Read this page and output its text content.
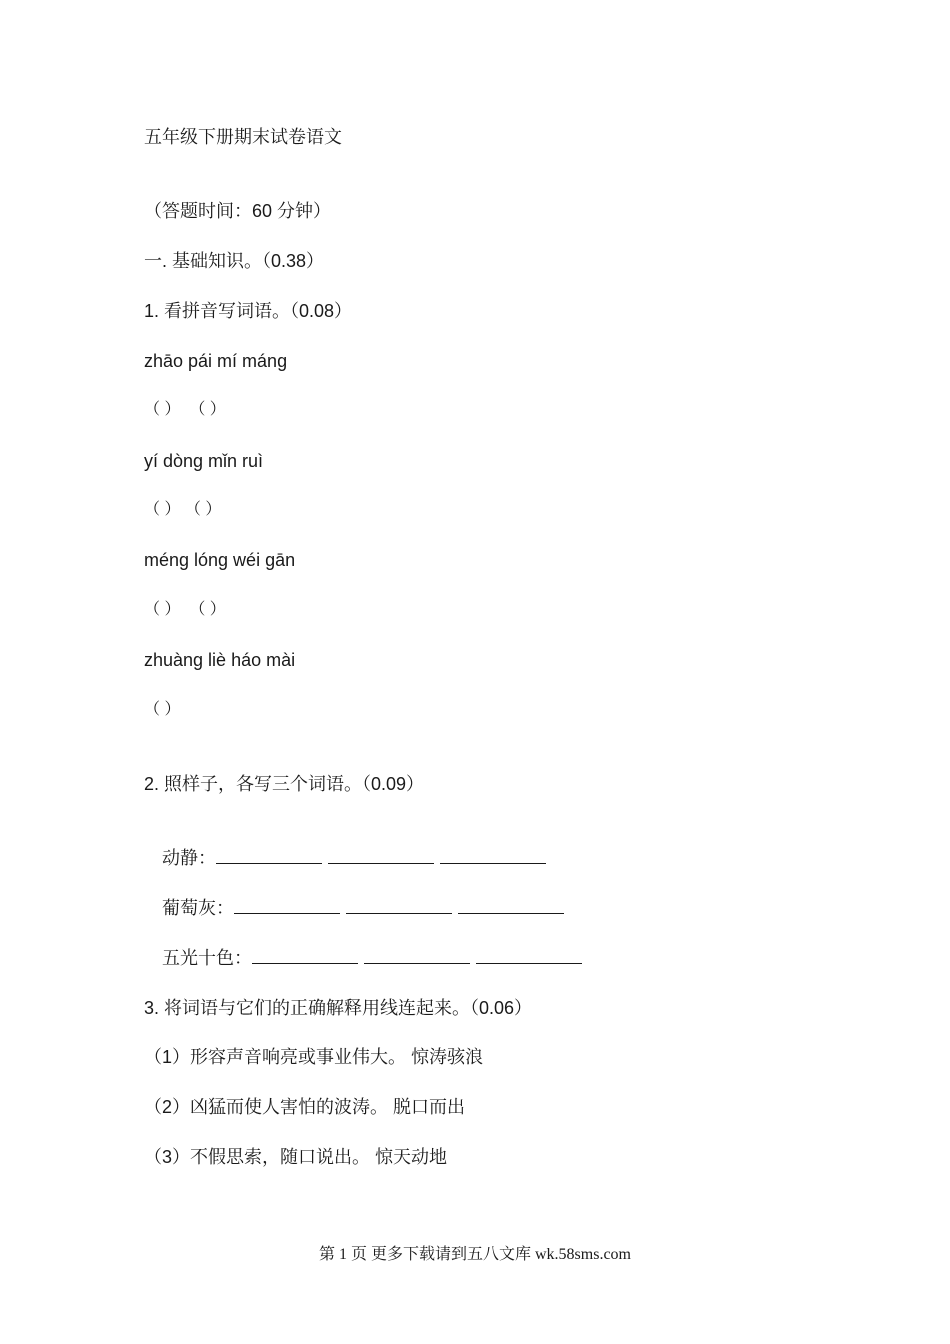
五年级下册期末试卷语文
（答题时间：60 分钟）
一. 基础知识。（0.38）
1. 看拼音写词语。（0.08）
zhāo pái mí máng
（ ）  （ ）
yí dòng mǐn ruì
（ ） （ ）
méng lóng wéi gān
（ ）  （ ）
zhuàng liè háo mài
（ ）
2. 照样子，各写三个词语。（0.09）

动静：

葡萄灰：

五光十色：

3. 将词语与它们的正确解释用线连起来。（0.06）
（1）形容声音响亮或事业伟大。 惊涛骇浪
（2）凶猛而使人害怕的波涛。 脱口而出
（3）不假思索，随口说出。 惊天动地
第 1 页 更多下载请到五八文库 wk.58sms.com
